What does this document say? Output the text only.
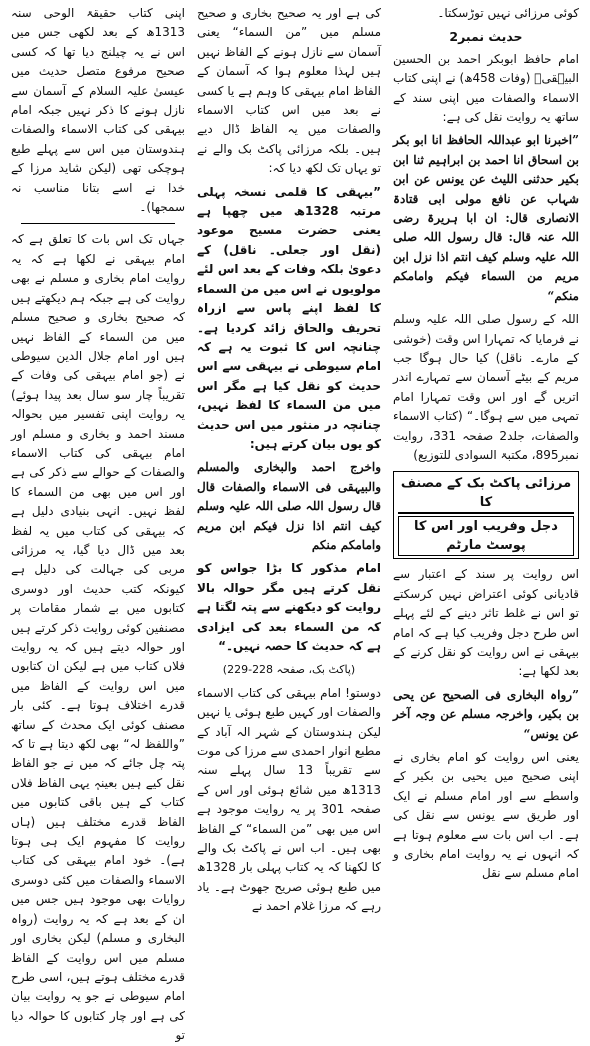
کوئی مرزائی نہیں توڑسکتا۔

حدیث نمبر2

امام حافظ ابوبکر احمد بن الحسین البیہقیؒ (وفات 458ھ) نے اپنی کتاب الاسماء والصفات میں اپنی سند کے ساتھ یہ روایت نقل کی ہے:

”اخبرنا ابو عبداللہ الحافظ انا ابو بکر بن اسحاق انا احمد بن ابراہیم ثنا ابن بکیر حدثنی اللیث عن یونس عن ابن شہاب عن نافع مولی ابی قتادۃ الانصاری قال: ان ابا ہریرۃ رضی اللہ عنہ قال: قال رسول اللہ صلی اللہ علیہ وسلم کیف انتم اذا نزل ابن مریم من السماء فیکم وامامکم منکم“

اللہ کے رسول صلی اللہ علیہ وسلم نے فرمایا کہ تمہارا اس وقت (خوشی کے مارے۔ ناقل) کیا حال ہوگا جب مریم کے بیٹے آسمان سے تمہارے اندر اتریں گے اور اس وقت تمہارا امام تمہی میں سے ہوگا۔“ (کتاب الاسماء والصفات، جلد2 صفحہ 331، روایت نمبر895، مکتبۃ السوادی للتوزیع)

مرزائی پاکٹ بک کے مصنف کا
دجل وفریب اور اس کا پوسٹ مارٹم

اس روایت پر سند کے اعتبار سے قادیانی کوئی اعتراض نہیں کرسکتے تو اس نے غلط تاثر دینے کے لئے پہلے اس طرح دجل وفریب کیا ہے کہ امام بیہقی نے اس روایت کو نقل کرنے کے بعد لکھا ہے:

”رواہ البخاری فی الصحیح عن یحی بن بکیر، واخرجہ مسلم عن وجہ آخر عن یونس“

یعنی اس روایت کو امام بخاری نے اپنی صحیح میں یحیی بن بکیر کے واسطے سے اور امام مسلم نے ایک اور طریق سے یونس سے نقل کی ہے۔ اب اس بات سے معلوم ہوتا ہے کہ انہوں نے یہ روایت امام بخاری و امام مسلم سے نقل

کی ہے اور یہ صحیح بخاری و صحیح مسلم میں ”من السماء“ یعنی آسمان سے نازل ہونے کے الفاظ نہیں ہیں لہذا معلوم ہوا کہ آسمان کے الفاظ امام بیہقی کا وہم ہے یا کسی نے بعد میں اس کتاب الاسماء والصفات میں یہ الفاظ ڈال دیے ہیں۔ بلکہ مرزائی پاکٹ بک والے نے تو یہاں تک لکھ دیا کہ:

”بیہقی کا قلمی نسخہ پہلی مرتبہ 1328ھ میں چھپا ہے یعنی حضرت مسیح موعود (نقل اور جعلی۔ ناقل) کے دعویٰ بلکہ وفات کے بعد اس لئے مولویوں نے اس میں من السماء کا لفظ اپنے پاس سے ازراہ تحریف والحاق زائد کردیا ہے۔ چنانچہ اس کا ثبوت یہ ہے کہ امام سیوطی نے بیہقی سے اس حدیث کو نقل کیا ہے مگر اس میں من السماء کا لفظ نہیں، چنانچہ در منثور میں اس حدیث کو یوں بیان کرتے ہیں:

واخرج احمد والبخاری والمسلم والبیہقی فی الاسماء والصفات قال قال رسول اللہ صلی اللہ علیہ وسلم کیف انتم اذا نزل فیکم ابن مریم وامامکم منکم

امام مذکور کا بڑا جواس کو نقل کرتے ہیں مگر حوالہ بالا روایت کو دیکھنے سے پتہ لگتا ہے کہ من السماء بعد کی ایزادی ہے کہ حدیث کا حصہ نہیں۔“

(پاکٹ بک، صفحہ 228-229)

دوستو! امام بیہقی کی کتاب الاسماء والصفات اور کہیں طبع ہوئی یا نہیں لیکن ہندوستان کے شہر الہ آباد کے مطبع انوار احمدی سے مرزا کی موت سے تقریباً 13 سال پہلے سنہ 1313ھ میں شائع ہوئی اور اس کے صفحہ 301 پر یہ روایت موجود ہے اس میں بھی ”من السماء“ کے الفاظ بھی ہیں۔ اب اس نے پاکٹ بک والے کا لکھنا کہ یہ کتاب پہلی بار 1328ھ میں طبع ہوئی صریح جھوٹ ہے۔ یاد رہے کہ مرزا غلام احمد نے

اپنی کتاب حقیقۃ الوحی سنہ 1313ھ کے بعد لکھی جس میں اس نے یہ چیلنج دیا تھا کہ کسی صحیح مرفوع متصل حدیث میں عیسیٰ علیہ السلام کے آسمان سے نازل ہونے کا ذکر نہیں جبکہ امام بیہقی کی کتاب الاسماء والصفات ہندوستان میں اس سے پہلے طبع ہوچکی تھی (لیکن شاید مرزا کے خدا نے اسے بتانا مناسب نہ سمجھا)۔

جہاں تک اس بات کا تعلق ہے کہ امام بیہقی نے لکھا ہے کہ یہ روایت امام بخاری و مسلم نے بھی روایت کی ہے جبکہ ہم دیکھتے ہیں کہ صحیح بخاری و صحیح مسلم میں من السماء کے الفاظ نہیں ہیں اور امام جلال الدین سیوطی نے (جو امام بیہقی کی وفات کے تقریباً چار سو سال بعد پیدا ہوئے) یہ روایت اپنی تفسیر میں بحوالہ مسند احمد و بخاری و مسلم اور امام بیہقی کی کتاب الاسماء والصفات کے حوالے سے ذکر کی ہے اور اس میں بھی من السماء کا لفظ نہیں۔ انہی بنیادی دلیل ہے کہ بیہقی کی کتاب میں یہ لفظ بعد میں ڈال دیا گیا، یہ مرزائی مربی کی جہالت کی دلیل ہے کیونکہ کتب حدیث اور دوسری کتابوں میں بے شمار مقامات پر مصنفین کوئی روایت ذکر کرتے ہیں اور حوالہ دیتے ہیں کہ یہ روایت فلاں کتاب میں ہے لیکن ان کتابوں میں اس روایت کے الفاظ میں قدرے اختلاف ہوتا ہے۔ کئی بار مصنف کوئی ایک محدث کے ساتھ ”واللفظ لہ“ بھی لکھ دیتا ہے تا کہ پتہ چل جائے کہ میں نے جو الفاظ نقل کیے ہیں بعینہٖ یہی الفاظ فلاں کتاب کے ہیں باقی کتابوں میں الفاظ قدرے مختلف ہیں (ہاں روایت کا مفہوم ایک ہی ہوتا ہے)۔ خود امام بیہقی کی کتاب الاسماء والصفات میں کئی دوسری روایات بھی موجود ہیں جس میں ان کے بعد ہے کہ یہ روایت (رواہ البخاری و مسلم) لیکن بخاری اور مسلم میں اس روایت کے الفاظ قدرے مختلف ہوتے ہیں، اسی طرح امام سیوطی نے جو یہ روایت بیان کی ہے اور چار کتابوں کا حوالہ دیا تو
